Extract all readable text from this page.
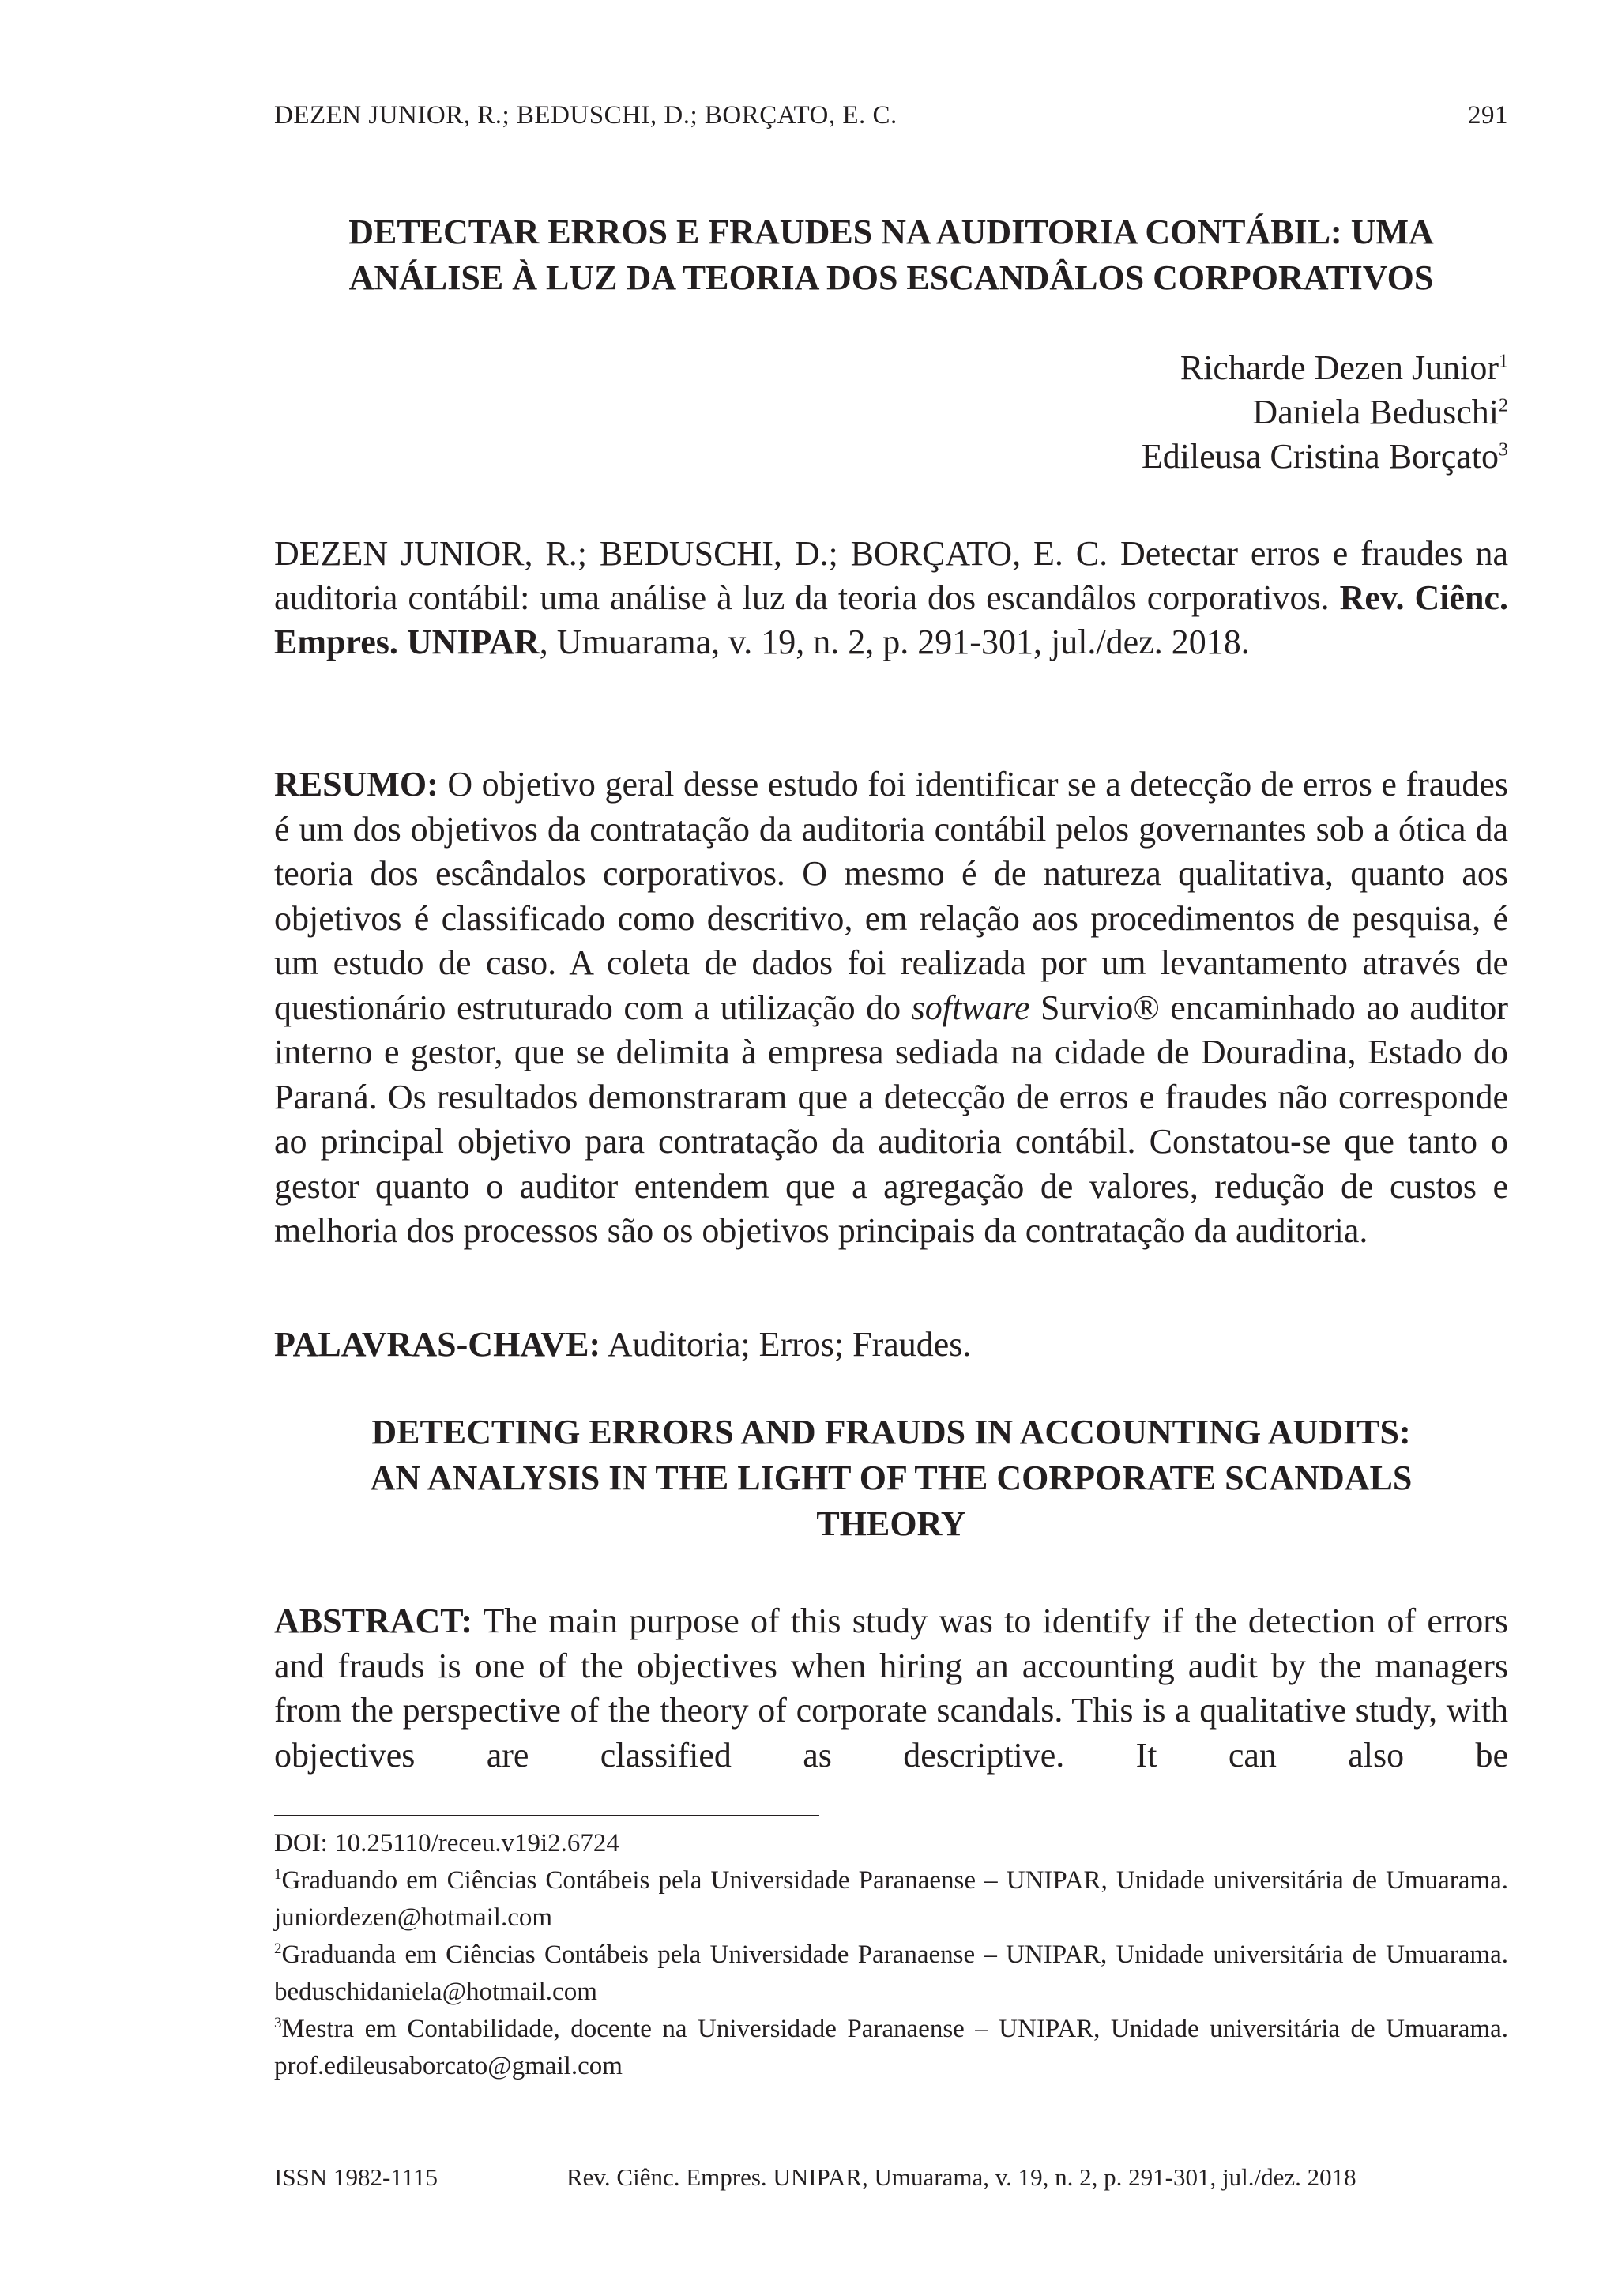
DEZEN JUNIOR, R.; BEDUSCHI, D.; BORÇATO, E. C.	291
DETECTAR ERROS E FRAUDES NA AUDITORIA CONTÁBIL: UMA
ANÁLISE À LUZ DA TEORIA DOS ESCANDÂLOS CORPORATIVOS
Richarde Dezen Junior$^1$
Daniela Beduschi$^2$
Edileusa Cristina Borçato$^3$

DEZEN JUNIOR, R.; BEDUSCHI, D.; BORÇATO, E. C. Detectar erros e fraudes na auditoria contábil: uma análise à luz da teoria dos escandâlos corporativos. Rev. Ciênc. Empres. UNIPAR, Umuarama, v. 19, n. 2, p. 291-301, jul./dez. 2018.

RESUMO: O objetivo geral desse estudo foi identificar se a detecção de erros e fraudes é um dos objetivos da contratação da auditoria contábil pelos governantes sob a ótica da teoria dos escândalos corporativos. O mesmo é de natureza qualitativa, quanto aos objetivos é classificado como descritivo, em relação aos procedimentos de pesquisa, é um estudo de caso. A coleta de dados foi realizada por um levantamento através de questionário estruturado com a utilização do software Survio® encaminhado ao auditor interno e gestor, que se delimita à empresa sediada na cidade de Douradina, Estado do Paraná. Os resultados demonstraram que a detecção de erros e fraudes não corresponde ao principal objetivo para contratação da auditoria contábil. Constatou-se que tanto o gestor quanto o auditor entendem que a agregação de valores, redução de custos e melhoria dos processos são os objetivos principais da contratação da auditoria.

PALAVRAS-CHAVE: Auditoria; Erros; Fraudes.

DETECTING ERRORS AND FRAUDS IN ACCOUNTING AUDITS:
AN ANALYSIS IN THE LIGHT OF THE CORPORATE SCANDALS
THEORY

ABSTRACT: The main purpose of this study was to identify if the detection of errors and frauds is one of the objectives when hiring an accounting audit by the managers from the perspective of the theory of corporate scandals. This is a qualitative study, with objectives are classified as descriptive. It can also be

DOI: 10.25110/receu.v19i2.6724

$^1$Graduando em Ciências Contábeis pela Universidade Paranaense – UNIPAR, Unidade universitária de Umuarama. juniordezen@hotmail.com

$^2$Graduanda em Ciências Contábeis pela Universidade Paranaense – UNIPAR, Unidade universitária de Umuarama. beduschidaniela@hotmail.com

$^3$Mestra em Contabilidade, docente na Universidade Paranaense – UNIPAR, Unidade universitária de Umuarama. prof.edileusaborcato@gmail.com

ISSN 1982-1115	Rev. Ciênc. Empres. UNIPAR, Umuarama, v. 19, n. 2, p. 291-301, jul./dez. 2018
